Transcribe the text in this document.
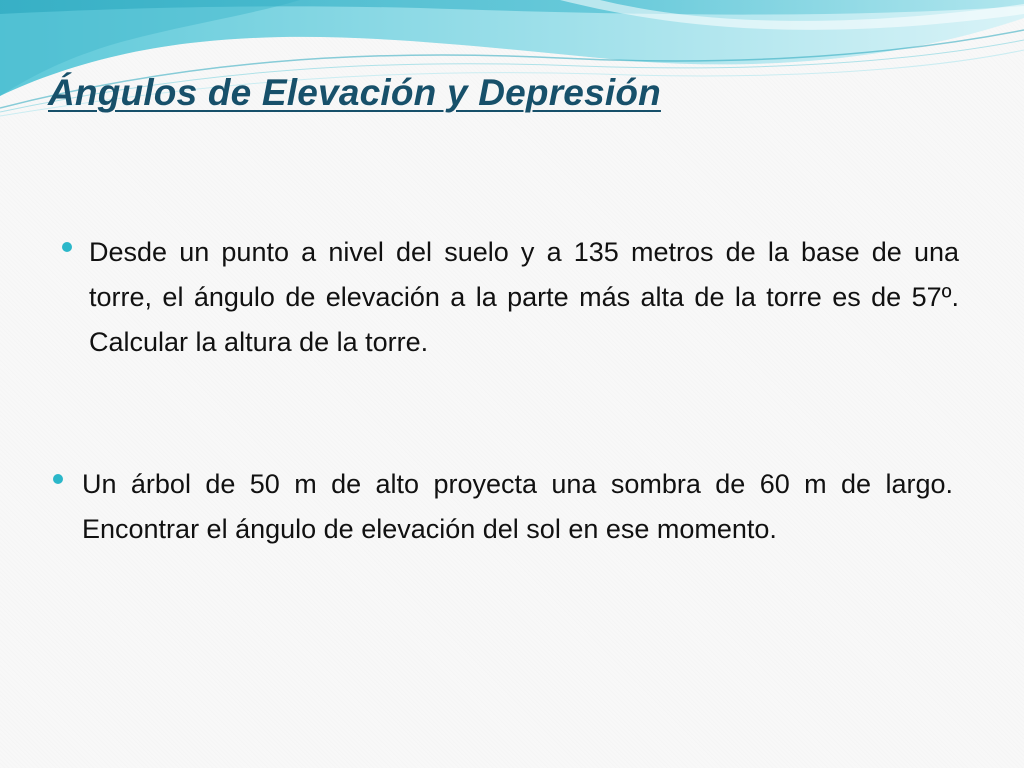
Ángulos de Elevación y Depresión

Desde un punto a nivel del suelo y a 135 metros de la base de una torre, el ángulo de elevación a la parte más alta de la torre es de 57º. Calcular la altura de la torre.

Un árbol de 50 m de alto proyecta una sombra de 60 m de largo. Encontrar el ángulo de elevación del sol en ese momento.
